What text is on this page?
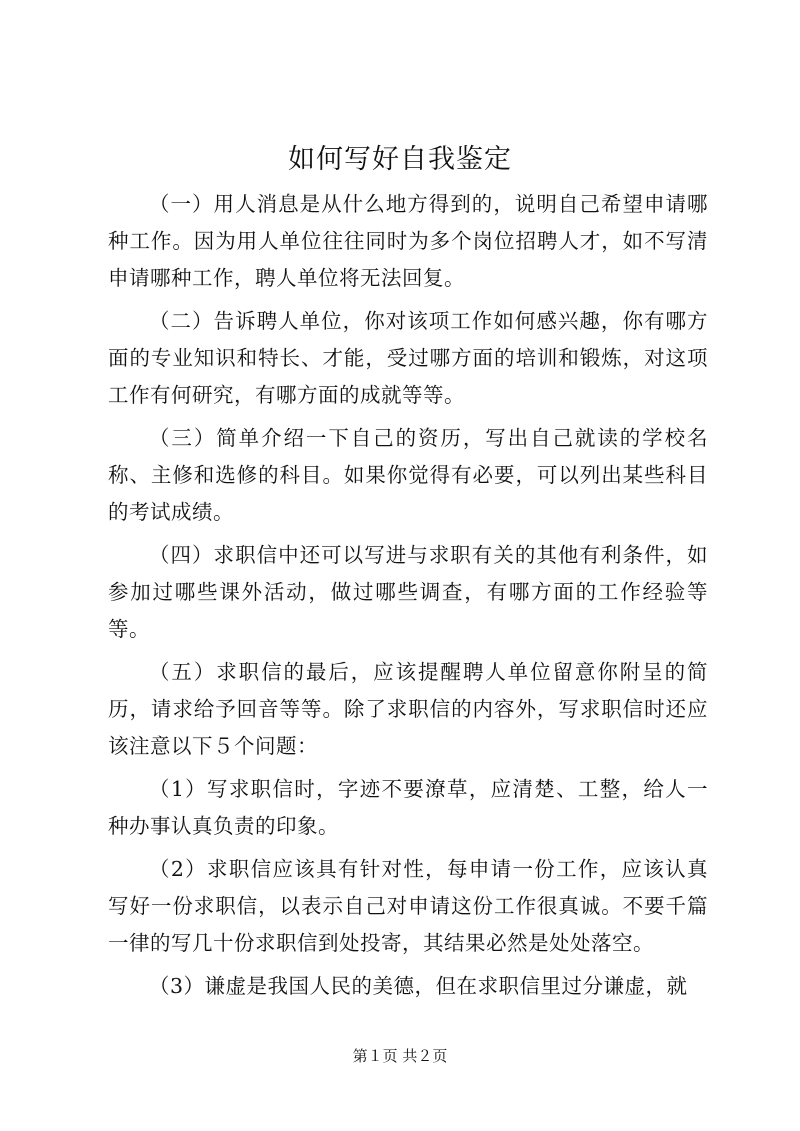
如何写好自我鉴定

（一）用人消息是从什么地方得到的，说明自己希望申请哪种工作。因为用人单位往往同时为多个岗位招聘人才，如不写清申请哪种工作，聘人单位将无法回复。

（二）告诉聘人单位，你对该项工作如何感兴趣，你有哪方面的专业知识和特长、才能，受过哪方面的培训和锻炼，对这项工作有何研究，有哪方面的成就等等。

（三）简单介绍一下自己的资历，写出自己就读的学校名称、主修和选修的科目。如果你觉得有必要，可以列出某些科目的考试成绩。

（四）求职信中还可以写进与求职有关的其他有利条件，如参加过哪些课外活动，做过哪些调查，有哪方面的工作经验等等。

（五）求职信的最后，应该提醒聘人单位留意你附呈的简历，请求给予回音等等。除了求职信的内容外，写求职信时还应该注意以下５个问题：

（1）写求职信时，字迹不要潦草，应清楚、工整，给人一种办事认真负责的印象。

（2）求职信应该具有针对性，每申请一份工作，应该认真写好一份求职信，以表示自己对申请这份工作很真诚。不要千篇一律的写几十份求职信到处投寄，其结果必然是处处落空。

（3）谦虚是我国人民的美德，但在求职信里过分谦虚，就

第１页 共２页
